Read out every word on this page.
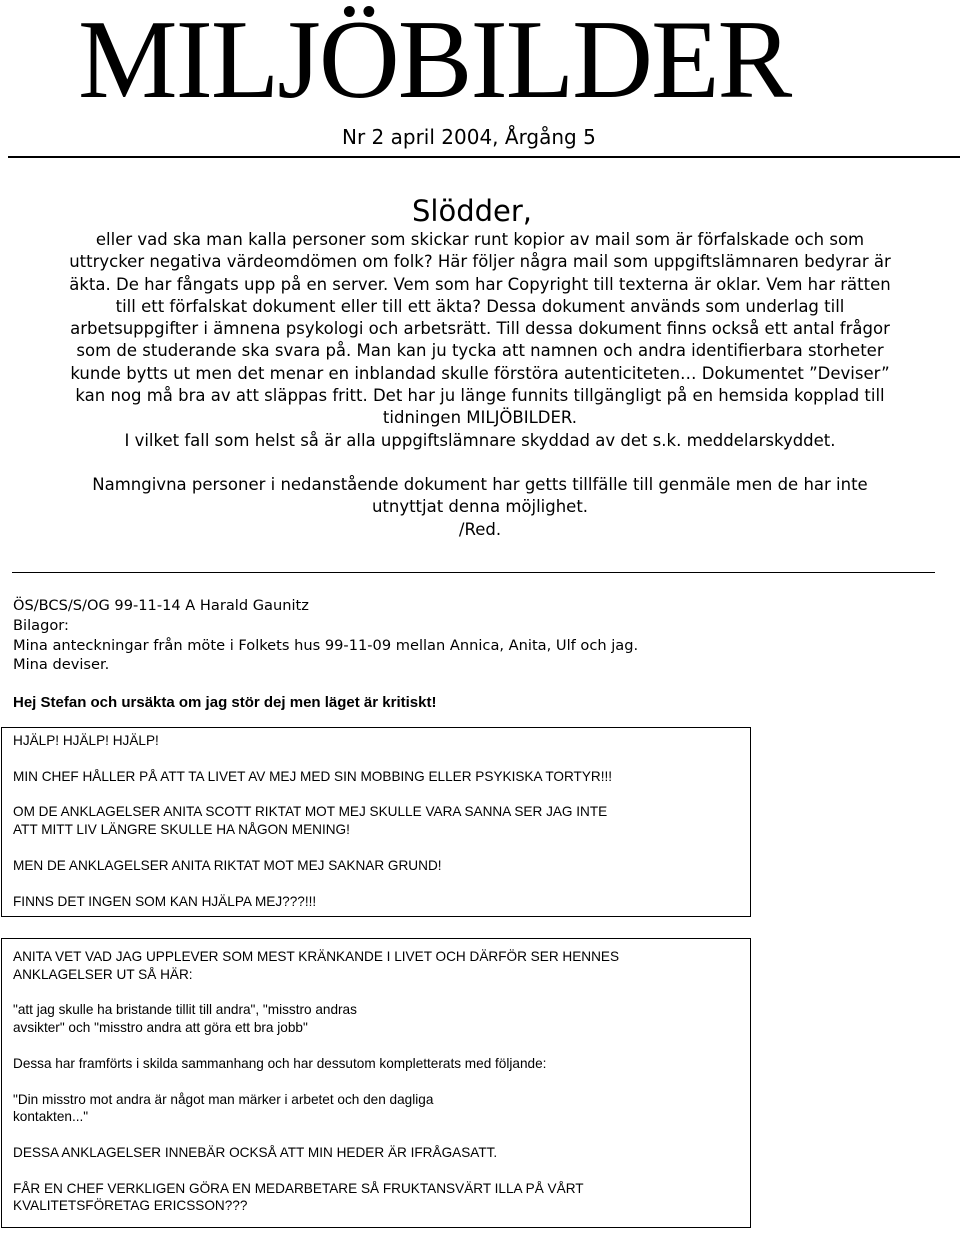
MILJÖBILDER
Nr 2 april 2004, Årgång 5
Slödder,

eller vad ska man kalla personer som skickar runt kopior av mail som är förfalskade och som

uttrycker negativa värdeomdömen om folk? Här följer några mail som uppgiftslämnaren bedyrar är

äkta. De har fångats upp på en server. Vem som har Copyright till texterna är oklar. Vem har rätten

till ett förfalskat dokument eller till ett äkta? Dessa dokument används som underlag till

arbetsuppgifter i ämnena psykologi och arbetsrätt. Till dessa dokument finns också ett antal frågor

som de studerande ska svara på. Man kan ju tycka att namnen och andra identifierbara storheter

kunde bytts ut men det menar en inblandad skulle förstöra autenticiteten… Dokumentet ”Deviser”

kan nog må bra av att släppas fritt. Det har ju länge funnits tillgängligt på en hemsida kopplad till

tidningen MILJÖBILDER.

I vilket fall som helst så är alla uppgiftslämnare skyddad av det s.k. meddelarskyddet.

Namngivna personer i nedanstående dokument har getts tillfälle till genmäle men de har inte

utnyttjat denna möjlighet.

/Red.

ÖS/BCS/S/OG 99-11-14 A Harald Gaunitz

Bilagor:

Mina anteckningar från möte i Folkets hus 99-11-09 mellan Annica, Anita, Ulf och jag.

Mina deviser.

Hej Stefan och ursäkta om jag stör dej men läget är kritiskt!

HJÄLP! HJÄLP! HJÄLP!

MIN CHEF HÅLLER PÅ ATT TA LIVET AV MEJ MED SIN MOBBING ELLER PSYKISKA TORTYR!!!

OM DE ANKLAGELSER ANITA SCOTT RIKTAT MOT MEJ SKULLE VARA SANNA SER JAG INTE
ATT MITT LIV LÄNGRE SKULLE HA NÅGON MENING!

MEN DE ANKLAGELSER ANITA RIKTAT MOT MEJ SAKNAR GRUND!

FINNS DET INGEN SOM KAN HJÄLPA MEJ???!!!

ANITA VET VAD JAG UPPLEVER SOM MEST KRÄNKANDE I LIVET OCH DÄRFÖR SER HENNES
ANKLAGELSER UT SÅ HÄR:

"att jag skulle ha bristande tillit till andra", "misstro andras
avsikter" och "misstro andra att göra ett bra jobb"

Dessa har framförts i skilda sammanhang och har dessutom kompletterats med följande:

"Din misstro mot andra är något man märker i arbetet och den dagliga
kontakten..."

DESSA ANKLAGELSER INNEBÄR OCKSÅ ATT MIN HEDER ÄR IFRÅGASATT.

FÅR EN CHEF VERKLIGEN GÖRA EN MEDARBETARE SÅ FRUKTANSVÄRT ILLA PÅ VÅRT
KVALITETSFÖRETAG ERICSSON???
